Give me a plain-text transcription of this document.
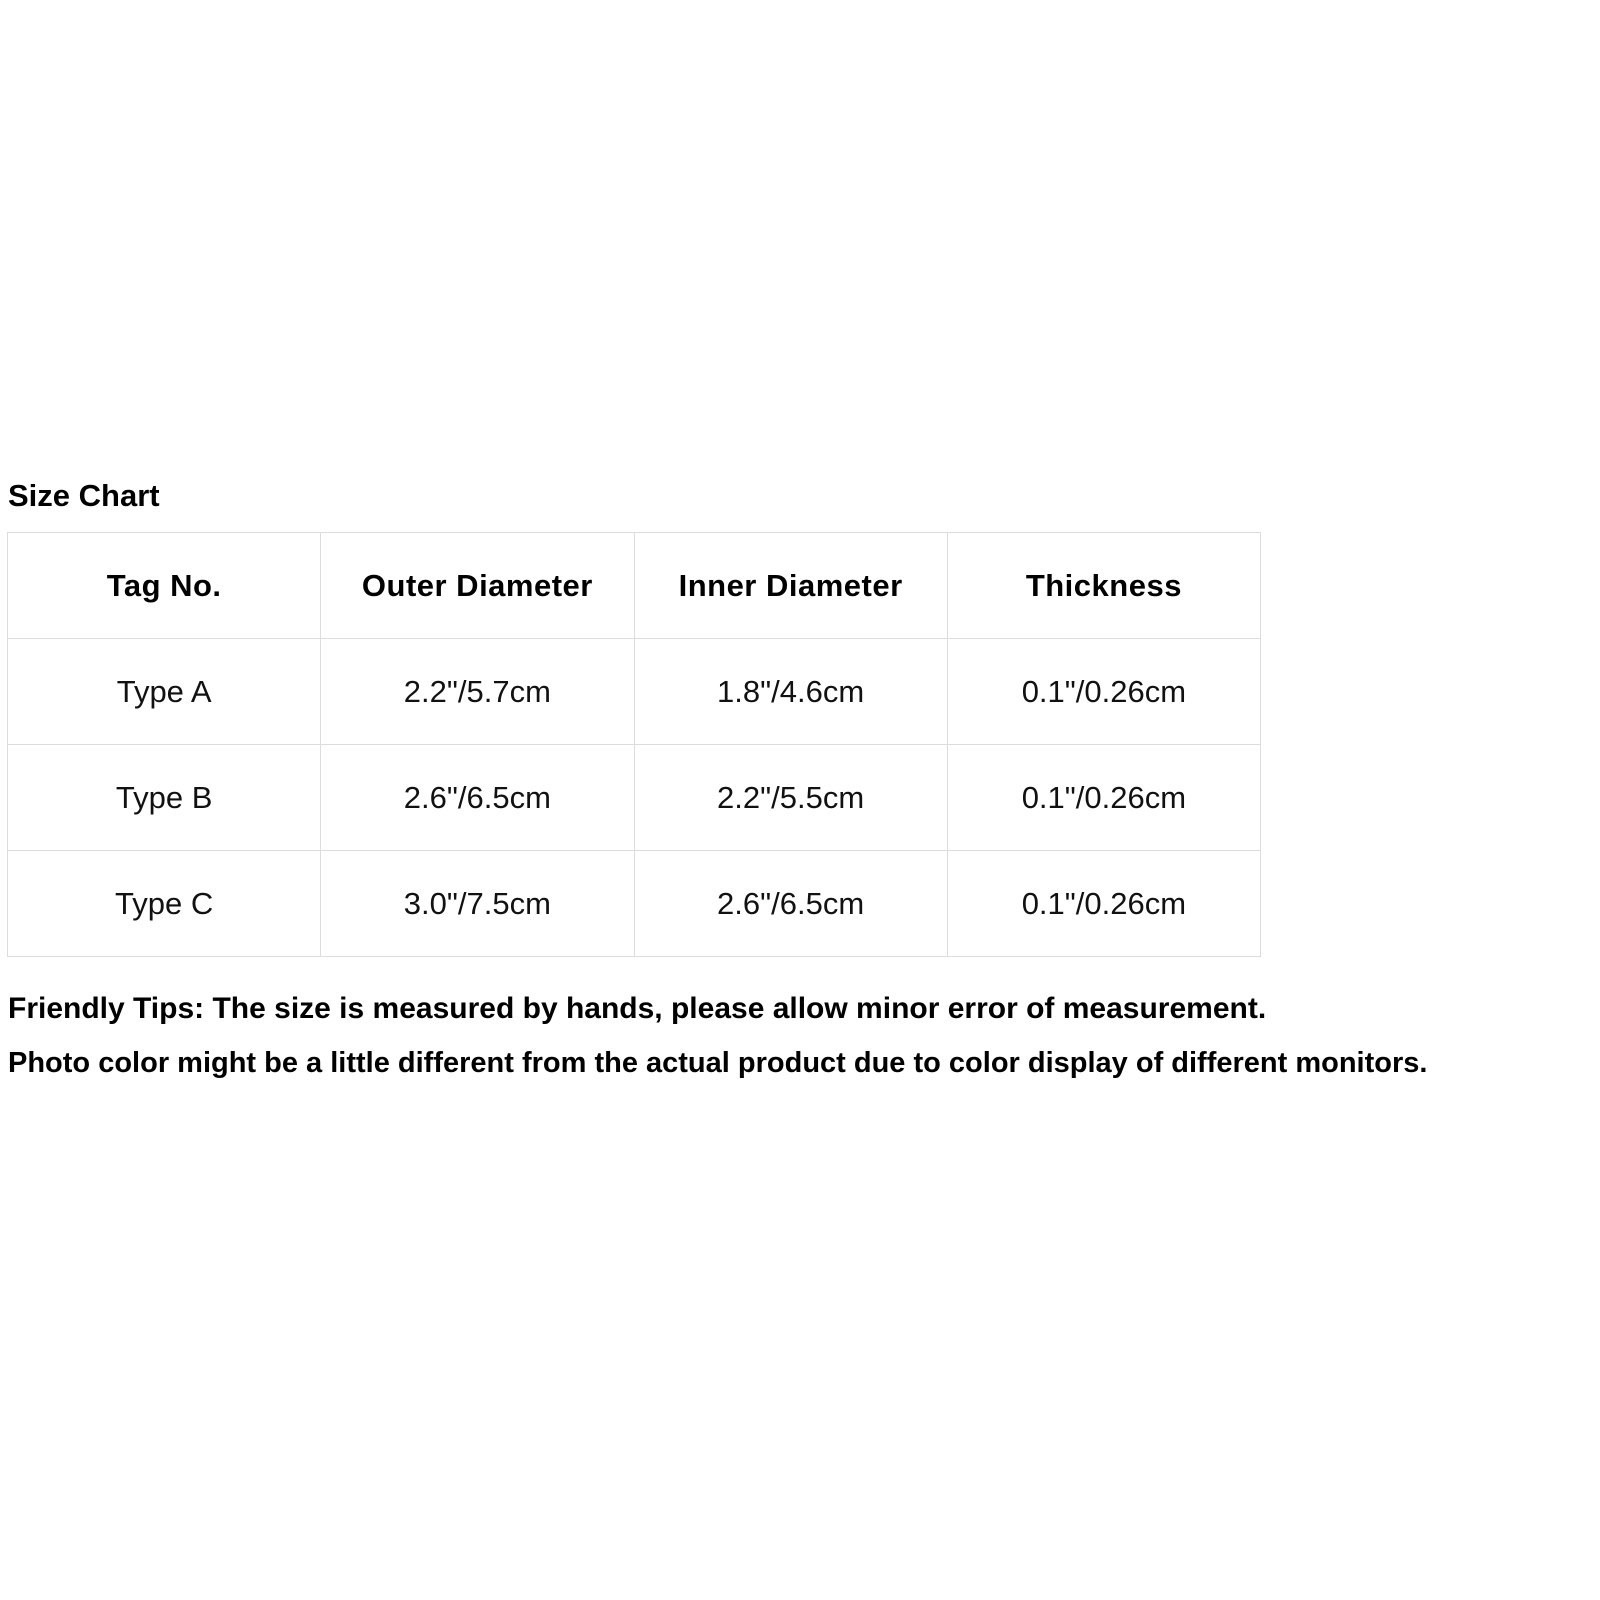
Size Chart
Tag No.	Outer Diameter	Inner Diameter	Thickness
Type A	2.2"/5.7cm	1.8"/4.6cm	0.1"/0.26cm
Type B	2.6"/6.5cm	2.2"/5.5cm	0.1"/0.26cm
Type C	3.0"/7.5cm	2.6"/6.5cm	0.1"/0.26cm
Friendly Tips: The size is measured by hands, please allow minor error of measurement.
Photo color might be a little different from the actual product due to color display of different monitors.
